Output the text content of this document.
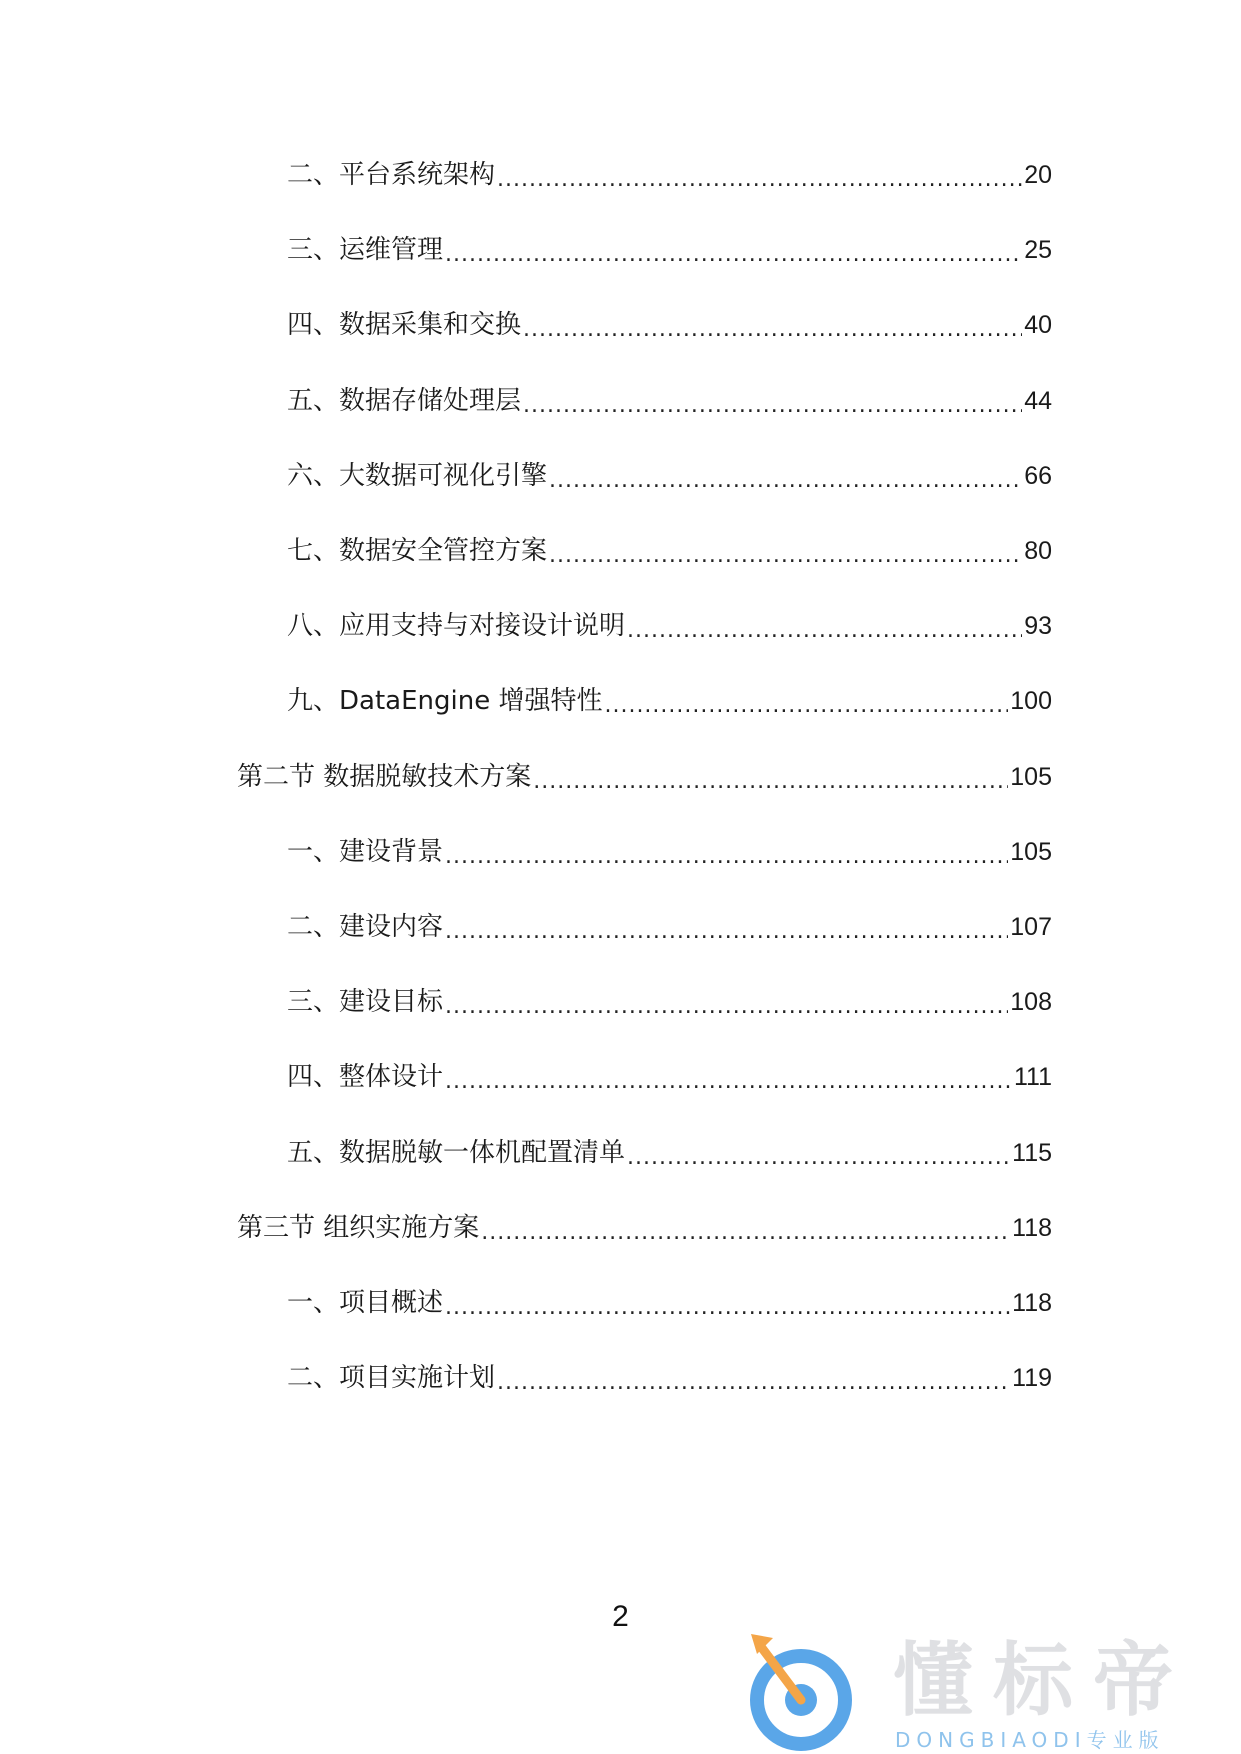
二、平台系统架构 .....	20
三、运维管理 .....	25
四、数据采集和交换 .....	40
五、数据存储处理层 .....	44
六、大数据可视化引擎 .....	66
七、数据安全管控方案 .....	80
八、应用支持与对接设计说明 .....	93
九、DataEngine 增强特性 .....	100
第二节 数据脱敏技术方案 .....	105
一、建设背景 .....	105
二、建设内容 .....	107
三、建设目标 .....	108
四、整体设计 .....	111
五、数据脱敏一体机配置清单 .....	115
第三节 组织实施方案 .....	118
一、项目概述 .....	118
二、项目实施计划 .....	119
2
懂标帝
DONGBIAODI专业版
